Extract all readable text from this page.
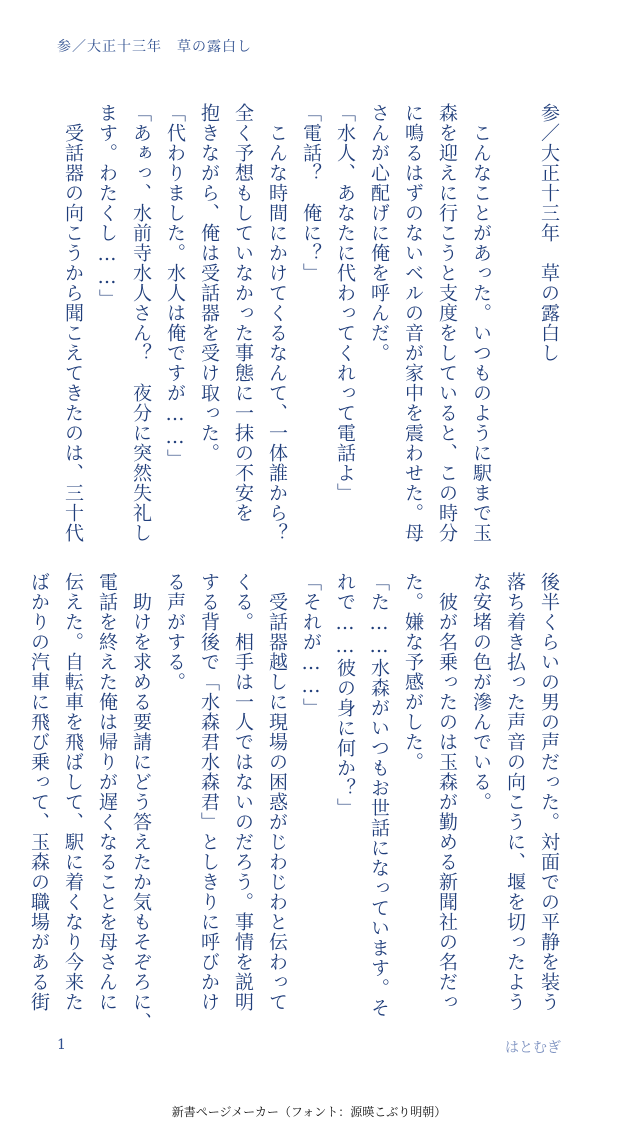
参／大正十三年　草の露白し
参／大正十三年　草の露白し
　こんなことがあった。いつものように駅まで玉
森を迎えに行こうと支度をしていると、この時分
に鳴るはずのないベルの音が家中を震わせた。母
さんが心配げに俺を呼んだ。
「水人、あなたに代わってくれって電話よ」
「電話？　俺に？」
　こんな時間にかけてくるなんて、一体誰から？
全く予想もしていなかった事態に一抹の不安を
抱きながら、俺は受話器を受け取った。
「代わりました。水人は俺ですが……」
「あぁっ、水前寺水人さん？　夜分に突然失礼し
ます。わたくし……」
　受話器の向こうから聞こえてきたのは、三十代
後半くらいの男の声だった。対面での平静を装う
落ち着き払った声音の向こうに、堰を切ったよう
な安堵の色が滲んでいる。
　彼が名乗ったのは玉森が勤める新聞社の名だっ
た。嫌な予感がした。
「た……水森がいつもお世話になっています。そ
れで……彼の身に何か？」
「それが……」
　受話器越しに現場の困惑がじわじわと伝わって
くる。相手は一人ではないのだろう。事情を説明
する背後で「水森君水森君」としきりに呼びかけ
る声がする。
　助けを求める要請にどう答えたか気もそぞろに、
電話を終えた俺は帰りが遅くなることを母さんに
伝えた。自転車を飛ばして、駅に着くなり今来た
ばかりの汽車に飛び乗って、玉森の職場がある街
1	はとむぎ
新書ページメーカー（フォント：源暎こぶり明朝）
